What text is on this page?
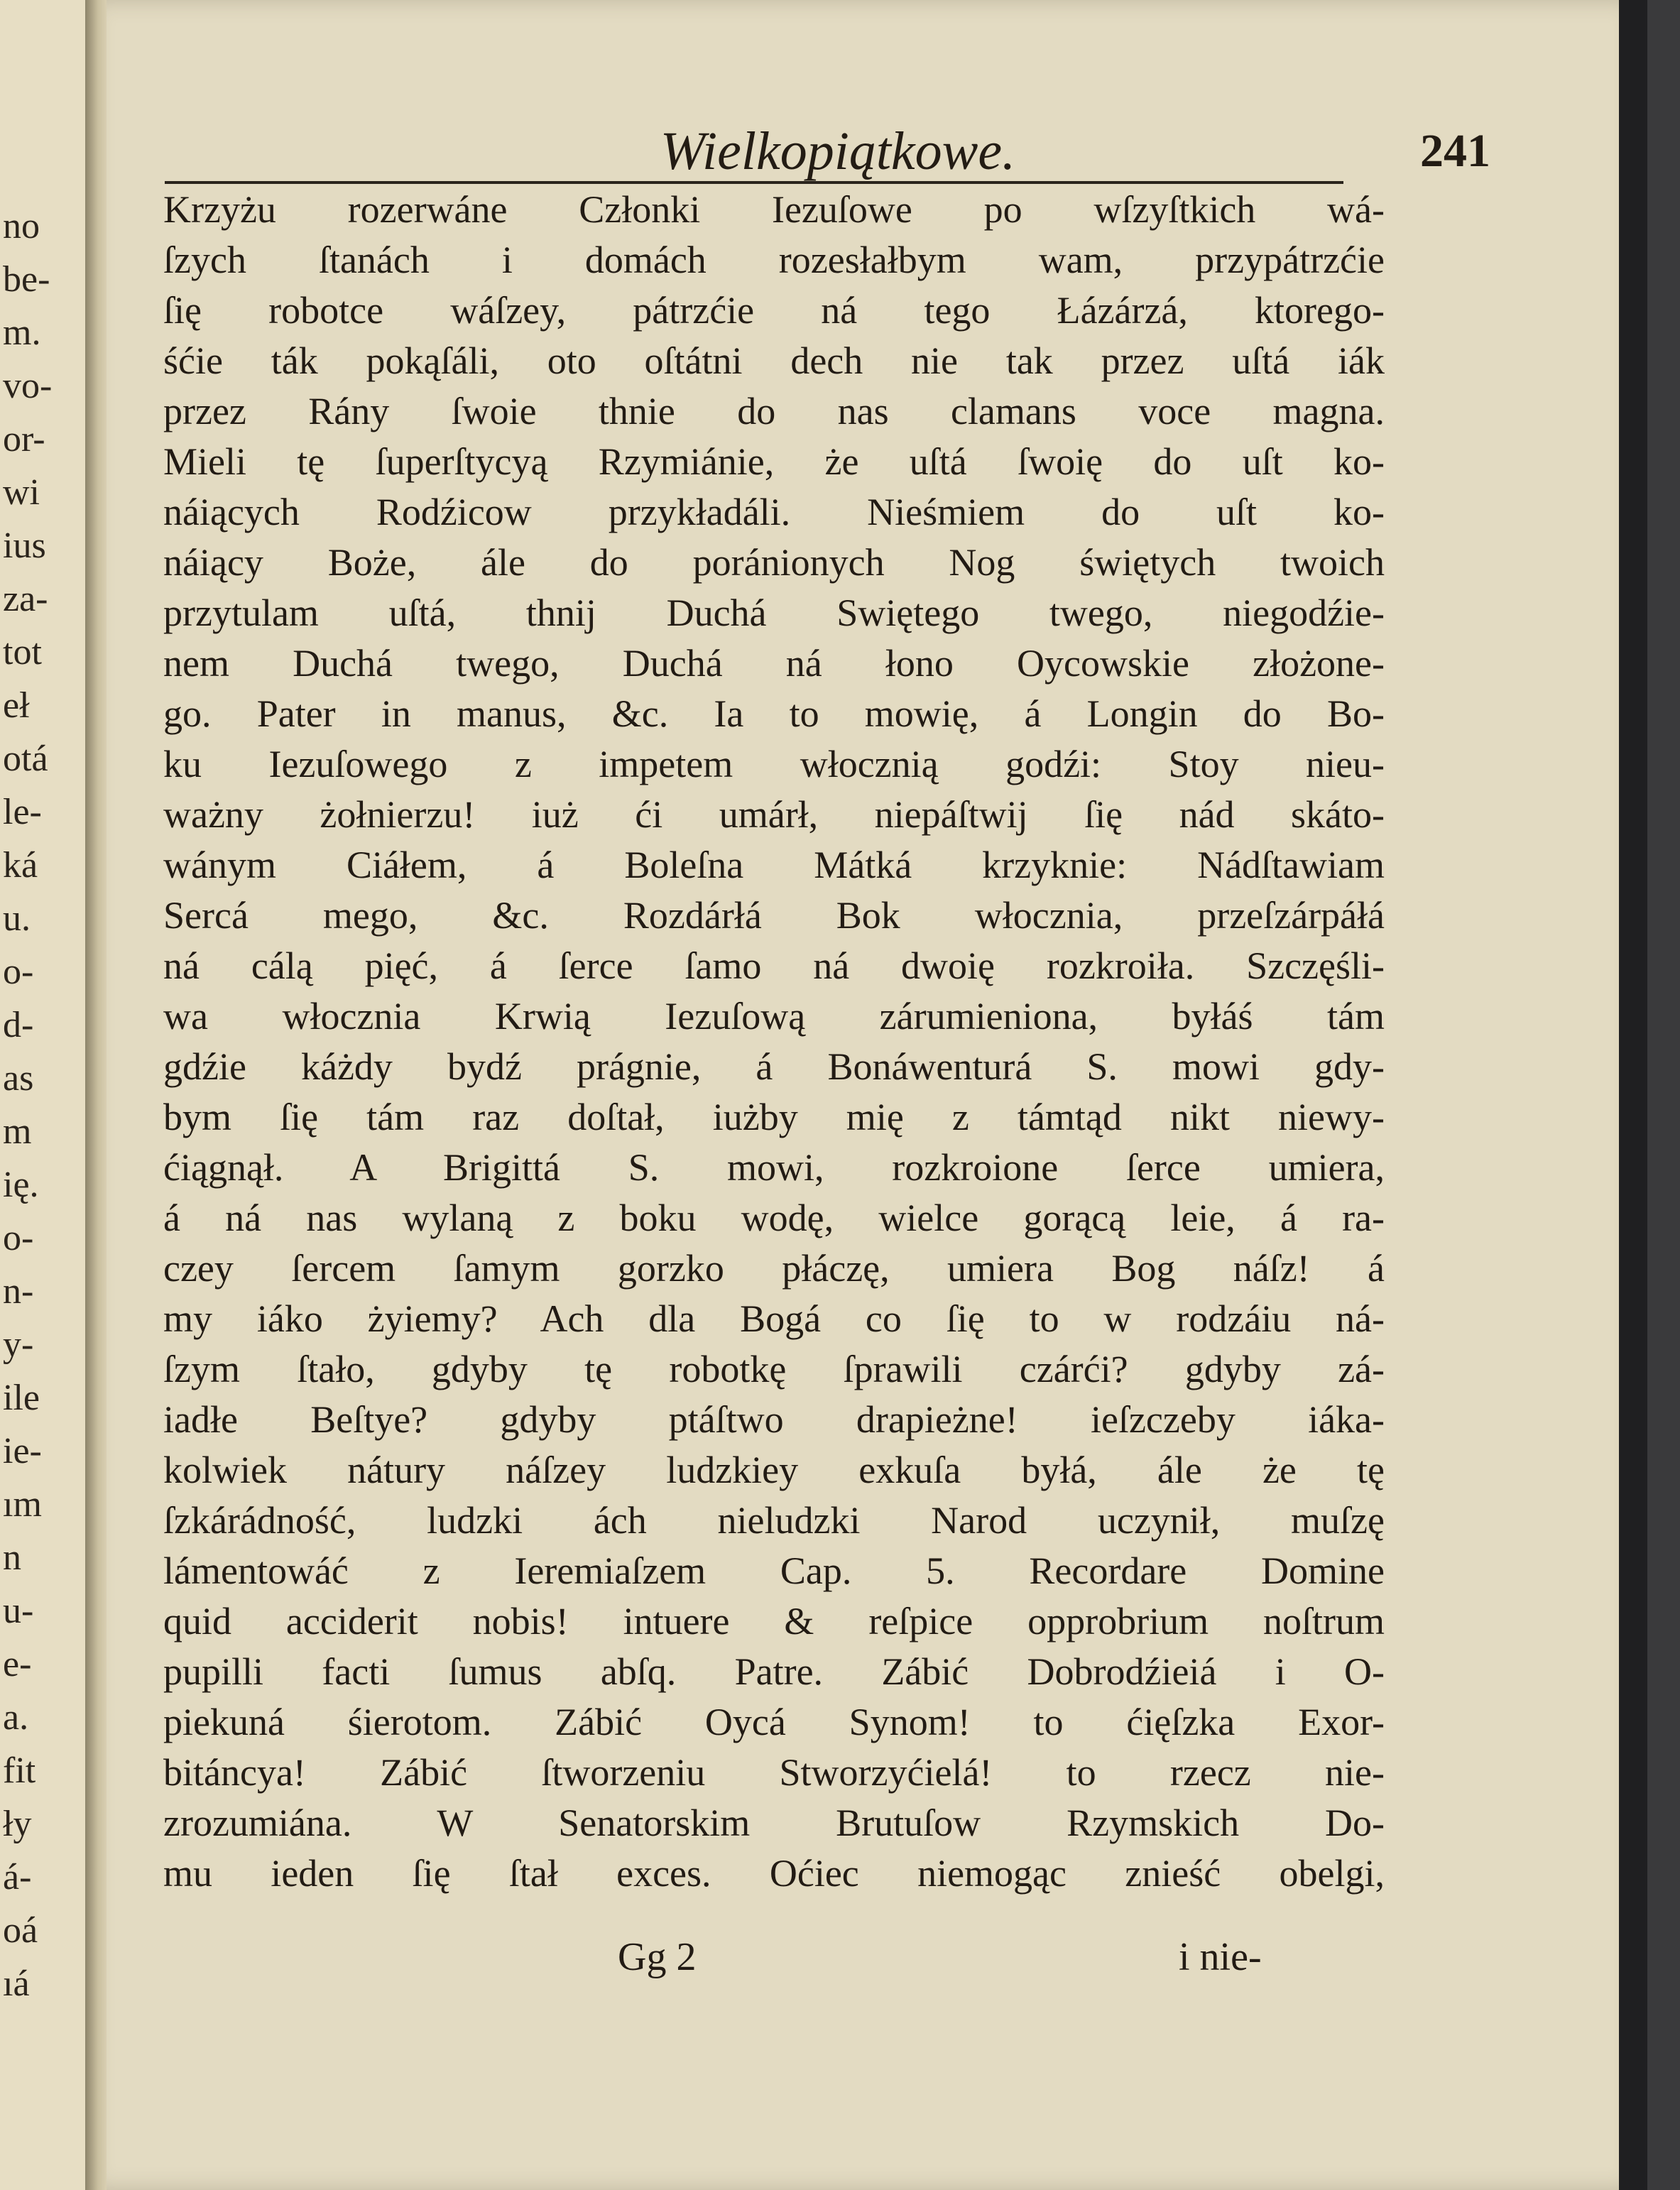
no
be-
m.
vo-
or-
wi
ius
za-
tot
eł
otá
le-
ká
u.
o-
d-
as
m
ię.
o-
n-
y-
ile
ie-
ım
n
u-
e-
a.
fit
ły
á-
oá
ıá
Wielkopiątkowe.	241
Krzyżu rozerwáne Członki Iezuſowe po wſzyſtkich wá-
ſzych ſtanách i domách rozesłałbym wam, przypátrzćie
ſię robotce wáſzey, pátrzćie ná tego Łázárzá, ktorego-
śćie ták pokąſáli, oto oſtátni dech nie tak przez uſtá iák
przez Rány ſwoie thnie do nas clamans voce magna.
Mieli tę ſuperſtycyą Rzymiánie, że uſtá ſwoię do uſt ko-
náiących Rodźicow przykładáli. Nieśmiem do uſt ko-
náiący Boże, ále do poránionych Nog świętych twoich
przytulam uſtá, thnij Duchá Swiętego twego, niegodźie-
nem Duchá twego, Duchá ná łono Oycowskie złożone-
go. Pater in manus, &c. Ia to mowię, á Longin do Bo-
ku Iezuſowego z impetem włocznią godźi: Stoy nieu-
ważny żołnierzu! iuż ći umárł, niepáſtwij ſię nád skáto-
wánym Ciáłem, á Boleſna Mátká krzyknie: Nádſtawiam
Sercá mego, &c. Rozdárłá Bok włocznia, przeſzárpáłá
ná cálą pięć, á ſerce ſamo ná dwoię rozkroiła. Szczęśli-
wa włocznia Krwią Iezuſową zárumieniona, byłáś tám
gdźie káżdy bydź prágnie, á Bonáwenturá S. mowi gdy-
bym ſię tám raz doſtał, iużby mię z támtąd nikt niewy-
ćiągnął. A Brigittá S. mowi, rozkroione ſerce umiera,
á ná nas wylaną z boku wodę, wielce gorącą leie, á ra-
czey ſercem ſamym gorzko płáczę, umiera Bog náſz! á
my iáko żyiemy? Ach dla Bogá co ſię to w rodzáiu ná-
ſzym ſtało, gdyby tę robotkę ſprawili czárći? gdyby zá-
iadłe Beſtye? gdyby ptáſtwo drapieżne! ieſzczeby iáka-
kolwiek nátury náſzey ludzkiey exkuſa byłá, ále że tę
ſzkárádność, ludzki ách nieludzki Narod uczynił, muſzę
lámentowáć z Ieremiaſzem Cap. 5. Recordare Domine
quid acciderit nobis! intuere & reſpice opprobrium noſtrum
pupilli facti ſumus abſq. Patre. Zábić Dobrodźieiá i O-
piekuná śierotom. Zábić Oycá Synom! to ćięſzka Exor-
bitáncya! Zábić ſtworzeniu Stworzyćielá! to rzecz nie-
zrozumiána. W Senatorskim Brutuſow Rzymskich Do-
mu ieden ſię ſtał exces. Oćiec niemogąc znieść obelgi,
Gg 2	i nie-
